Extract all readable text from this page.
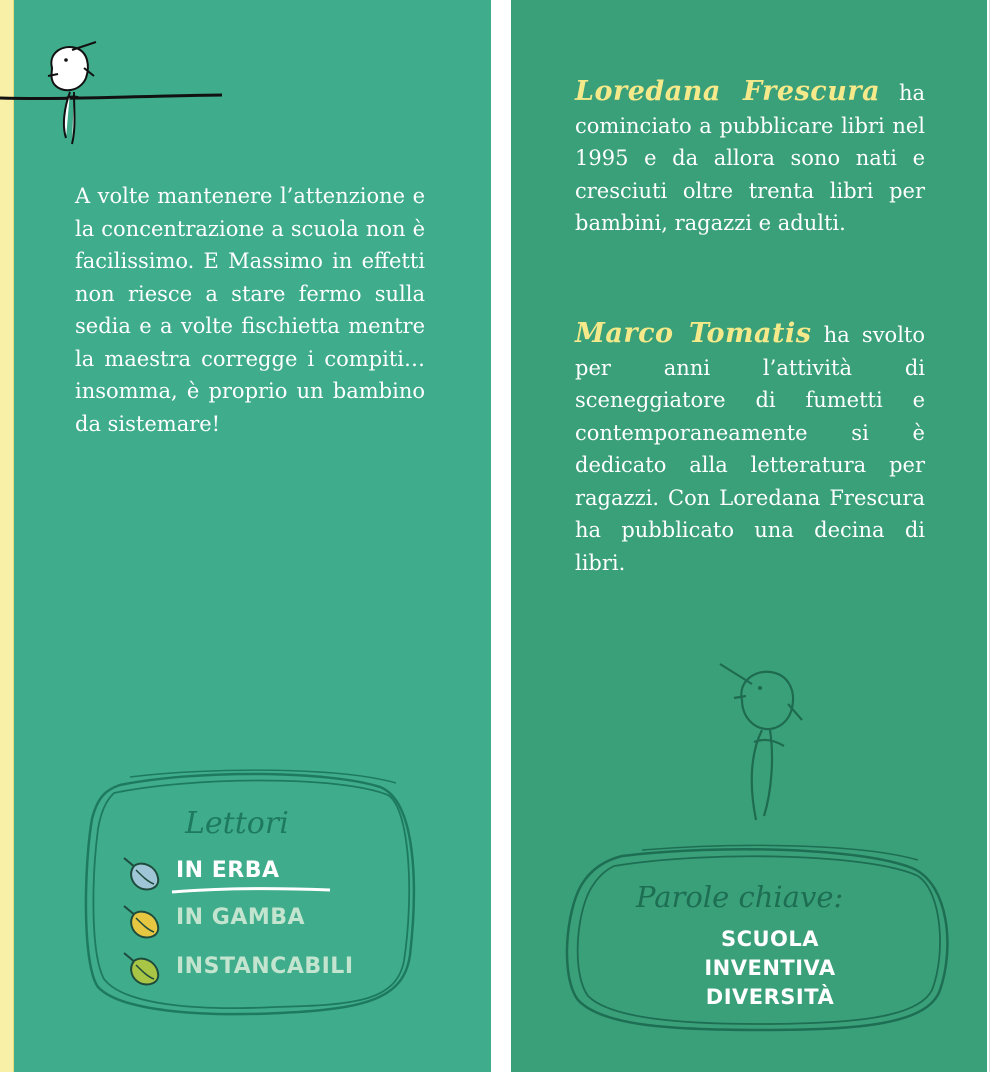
A volte mantenere l’attenzione e la concentrazione a scuola non è facilissimo. E Massimo in effetti non riesce a stare fermo sulla sedia e a volte fischietta mentre la maestra corregge i compiti… insomma, è proprio un bambino da sistemare!

Lettori

IN ERBA

IN GAMBA

INSTANCABILI

Loredana Frescura ha cominciato a pubblicare libri nel 1995 e da allora sono nati e cresciuti oltre trenta libri per bambini, ragazzi e adulti.

Marco Tomatis ha svolto per anni l’attività di sceneggiatore di fumetti e contemporaneamente si è dedicato alla letteratura per ragazzi. Con Loredana Frescura ha pubblicato una decina di libri.

Parole chiave:

SCUOLA

INVENTIVA

DIVERSITÀ
